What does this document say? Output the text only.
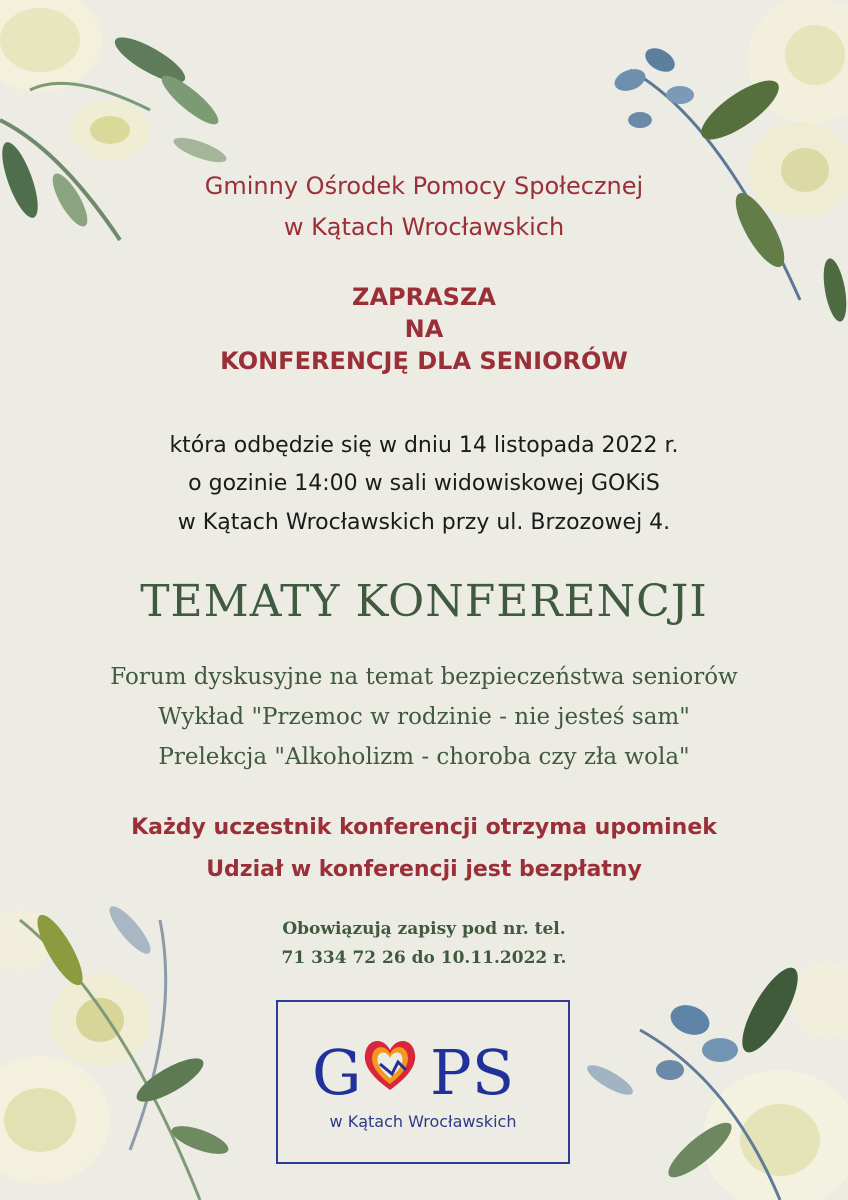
Gminny Ośrodek Pomocy Społecznej
w Kątach Wrocławskich
ZAPRASZA
NA
KONFERENCJĘ DLA SENIORÓW
która odbędzie się w dniu 14 listopada 2022 r.
o gozinie 14:00 w sali widowiskowej GOKiS
w Kątach Wrocławskich przy ul. Brzozowej 4.
TEMATY KONFERENCJI
Forum dyskusyjne na temat bezpieczeństwa seniorów
Wykład "Przemoc w rodzinie - nie jesteś sam"
Prelekcja "Alkoholizm - choroba czy zła wola"
Każdy uczestnik konferencji otrzyma upominek
Udział w konferencji jest bezpłatny
Obowiązują zapisy pod nr. tel.
71 334 72 26 do 10.11.2022 r.
G PS
w Kątach Wrocławskich
